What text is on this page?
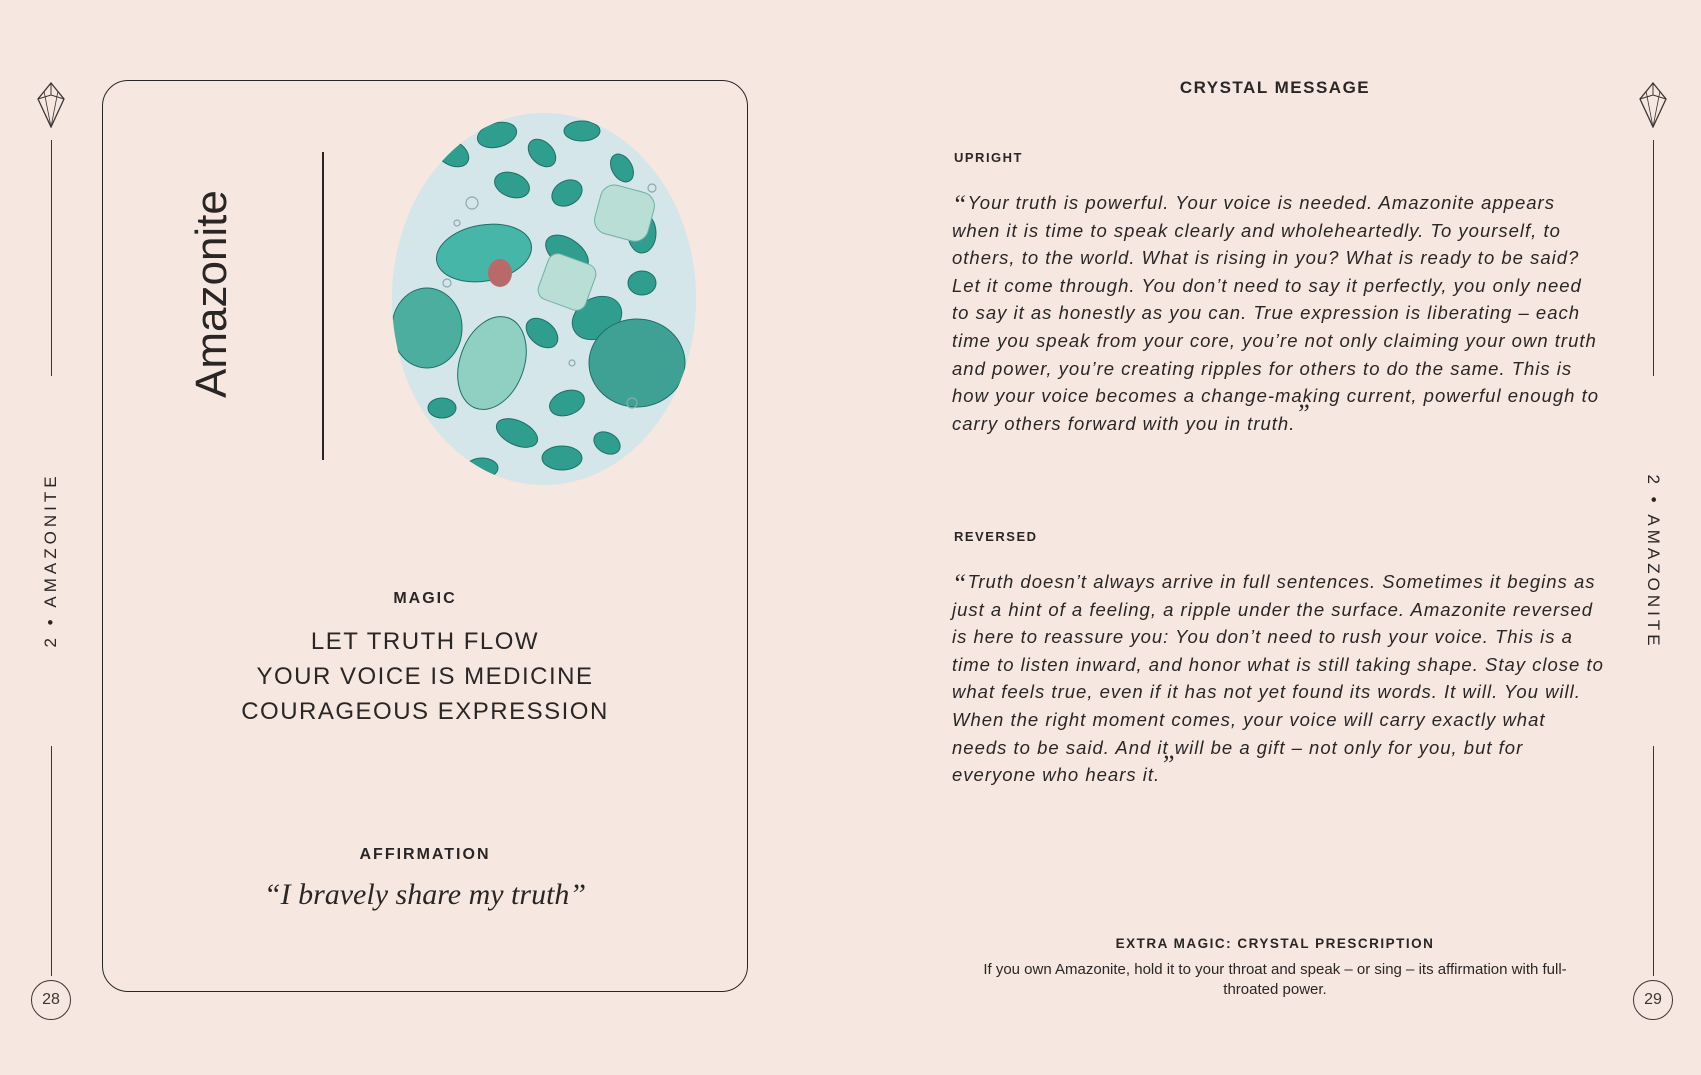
2 • AMAZONITE
28
2 • AMAZONITE
29
Amazonite
MAGIC
LET TRUTH FLOW
YOUR VOICE IS MEDICINE
COURAGEOUS EXPRESSION
AFFIRMATION
“I bravely share my truth”
CRYSTAL MESSAGE
UPRIGHT
“Your truth is powerful. Your voice is needed. Amazonite appears when it is time to speak clearly and wholeheartedly. To yourself, to others, to the world. What is rising in you? What is ready to be said? Let it come through. You don’t need to say it perfectly, you only need to say it as honestly as you can. True expression is liberating – each time you speak from your core, you’re not only claiming your own truth and power, you’re creating ripples for others to do the same. This is how your voice becomes a change-making current, powerful enough to carry others forward with you in truth.”
REVERSED
“Truth doesn’t always arrive in full sentences. Sometimes it begins as just a hint of a feeling, a ripple under the surface. Amazonite reversed is here to reassure you: You don’t need to rush your voice. This is a time to listen inward, and honor what is still taking shape. Stay close to what feels true, even if it has not yet found its words. It will. You will. When the right moment comes, your voice will carry exactly what needs to be said. And it will be a gift – not only for you, but for everyone who hears it.”
EXTRA MAGIC: CRYSTAL PRESCRIPTION
If you own Amazonite, hold it to your throat and speak – or sing – its affirmation with full-throated power.
